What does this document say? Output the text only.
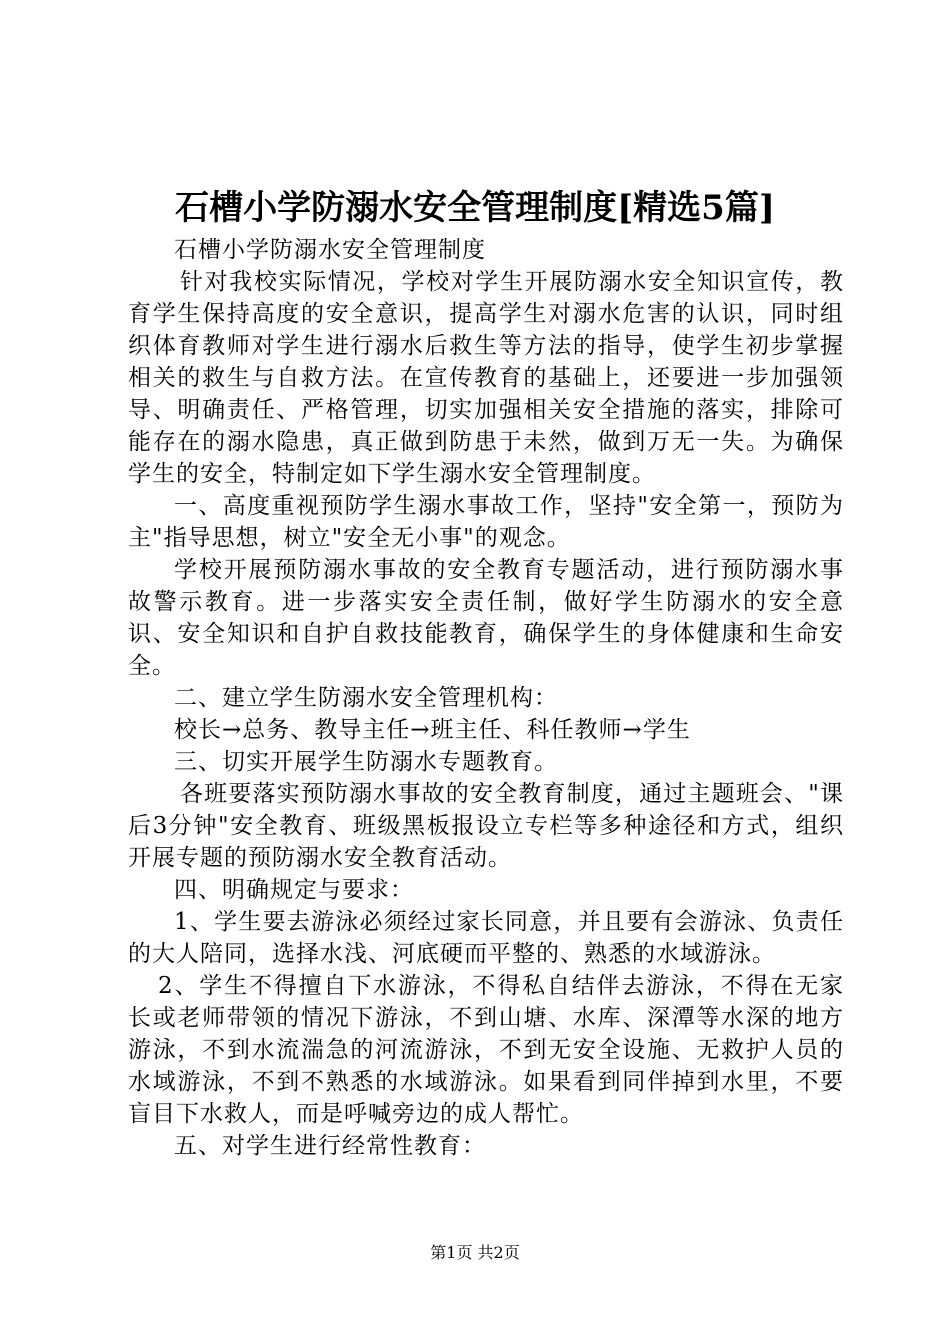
石槽小学防溺水安全管理制度[精选5篇]

石槽小学防溺水安全管理制度

针对我校实际情况，学校对学生开展防溺水安全知识宣传，教育学生保持高度的安全意识，提高学生对溺水危害的认识，同时组织体育教师对学生进行溺水后救生等方法的指导，使学生初步掌握相关的救生与自救方法。在宣传教育的基础上，还要进一步加强领导、明确责任、严格管理，切实加强相关安全措施的落实，排除可能存在的溺水隐患，真正做到防患于未然，做到万无一失。为确保学生的安全，特制定如下学生溺水安全管理制度。

一、高度重视预防学生溺水事故工作，坚持"安全第一，预防为主"指导思想，树立"安全无小事"的观念。

学校开展预防溺水事故的安全教育专题活动，进行预防溺水事故警示教育。进一步落实安全责任制，做好学生防溺水的安全意识、安全知识和自护自救技能教育，确保学生的身体健康和生命安全。

二、建立学生防溺水安全管理机构：

校长→总务、教导主任→班主任、科任教师→学生

三、切实开展学生防溺水专题教育。

各班要落实预防溺水事故的安全教育制度，通过主题班会、"课后3分钟"安全教育、班级黑板报设立专栏等多种途径和方式，组织开展专题的预防溺水安全教育活动。

四、明确规定与要求：

1、学生要去游泳必须经过家长同意，并且要有会游泳、负责任的大人陪同，选择水浅、河底硬而平整的、熟悉的水域游泳。

2、学生不得擅自下水游泳，不得私自结伴去游泳，不得在无家长或老师带领的情况下游泳，不到山塘、水库、深潭等水深的地方游泳，不到水流湍急的河流游泳，不到无安全设施、无救护人员的水域游泳，不到不熟悉的水域游泳。如果看到同伴掉到水里，不要盲目下水救人，而是呼喊旁边的成人帮忙。

五、对学生进行经常性教育：

第1页 共2页
